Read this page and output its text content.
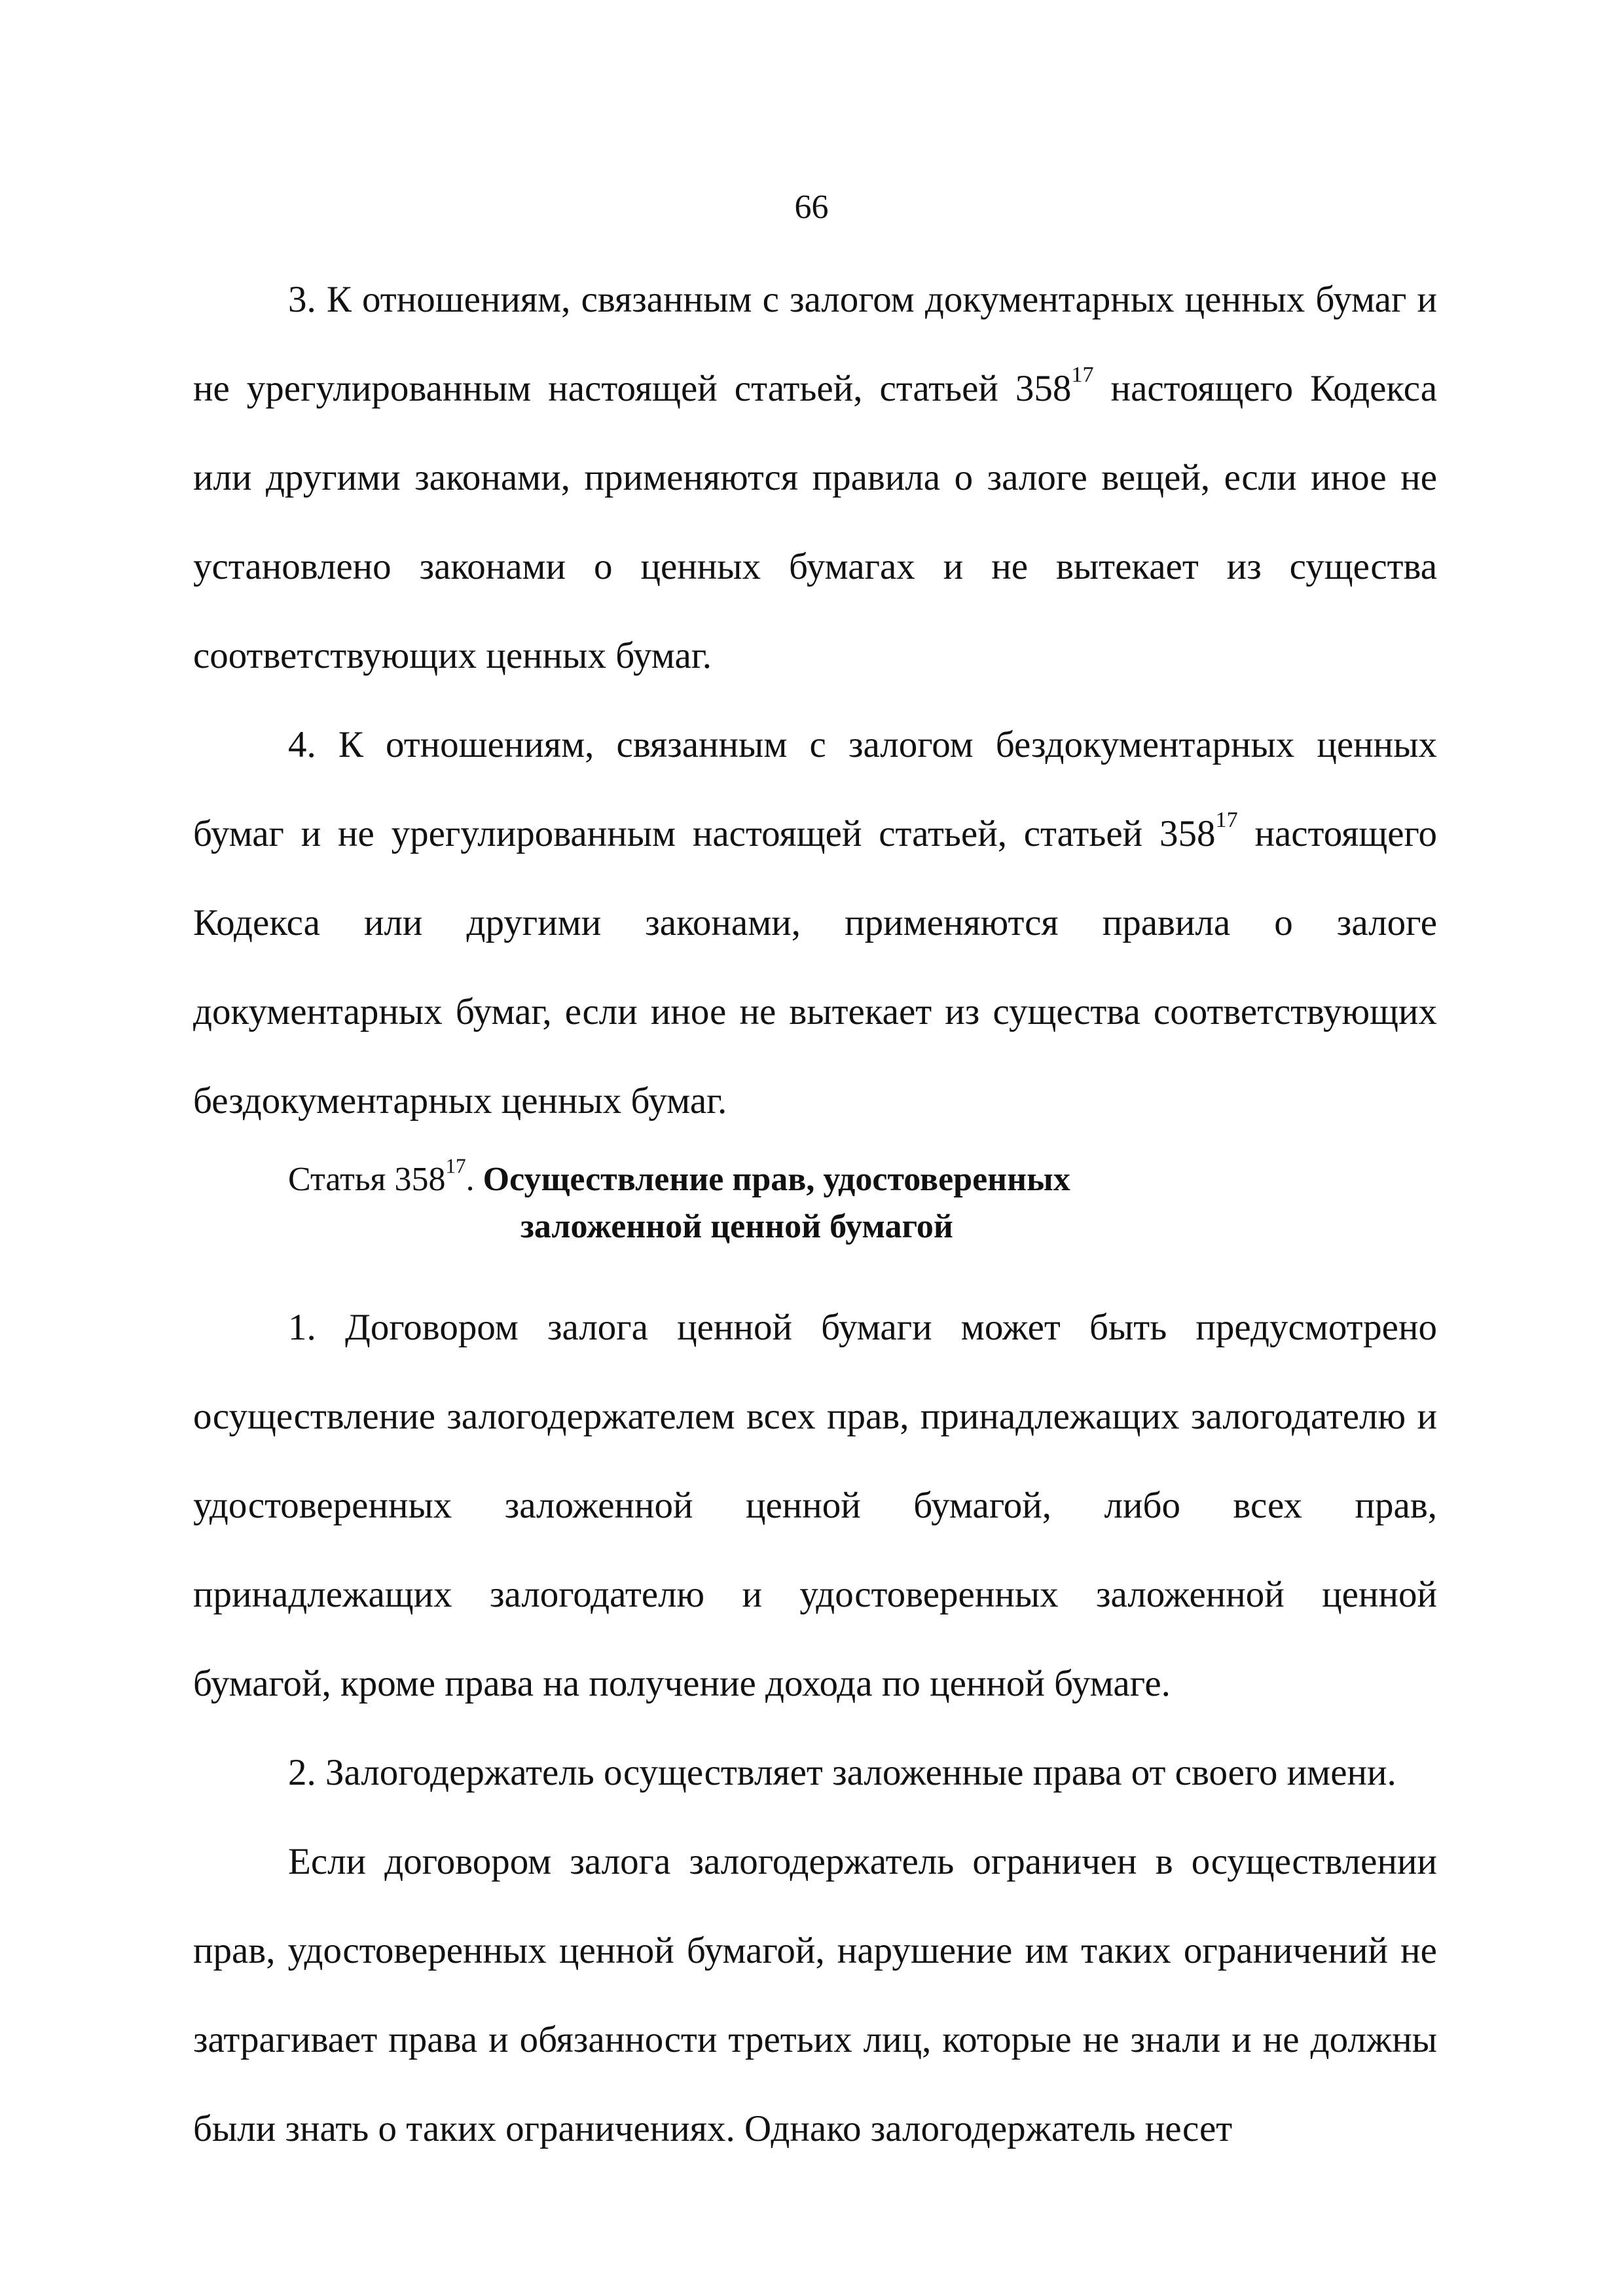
66

3. К отношениям, связанным с залогом документарных ценных бумаг и не урегулированным настоящей статьей, статьей $358^{17}$ настоящего Кодекса или другими законами, применяются правила о залоге вещей, если иное не установлено законами о ценных бумагах и не вытекает из существа соответствующих ценных бумаг.

4. К отношениям, связанным с залогом бездокументарных ценных бумаг и не урегулированным настоящей статьей, статьей $358^{17}$ настоящего Кодекса или другими законами, применяются правила о залоге документарных бумаг, если иное не вытекает из существа соответствующих бездокументарных ценных бумаг.

Статья $358^{17}$. Осуществление прав, удостоверенных
заложенной ценной бумагой

1. Договором залога ценной бумаги может быть предусмотрено осуществление залогодержателем всех прав, принадлежащих залогодателю и удостоверенных заложенной ценной бумагой, либо всех прав, принадлежащих залогодателю и удостоверенных заложенной ценной бумагой, кроме права на получение дохода по ценной бумаге.

2. Залогодержатель осуществляет заложенные права от своего имени.

Если договором залога залогодержатель ограничен в осуществлении прав, удостоверенных ценной бумагой, нарушение им таких ограничений не затрагивает права и обязанности третьих лиц, которые не знали и не должны были знать о таких ограничениях. Однако залогодержатель несет
